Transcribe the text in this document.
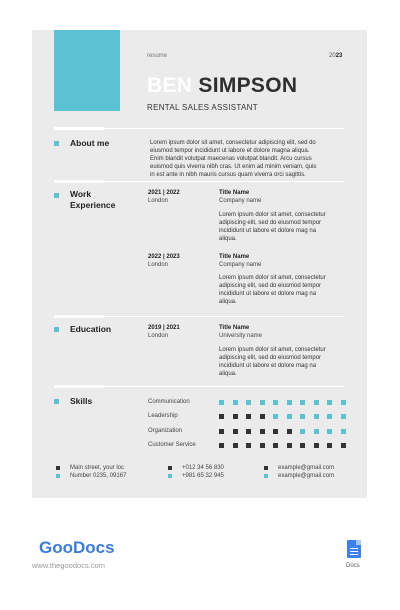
resume	2023
BEN SIMPSON
RENTAL SALES ASSISTANT
About me	Lorem ipsum dolor sit amet, consectetur adipiscing elit, sed do
eiusmod tempor incididunt ut labore et dolore magna aliqua.
Enim blandit volutpat maecenas volutpat blandit. Arcu cursus
euismod quis viverra nibh cras. Ut enim ad minim veniam, quis
in est ante in nibh mauris cursus quam viverra orci sagittis.
Work
Experience
2021 | 2022
London
Title Name
Company name
Lorem ipsum dolor sit amet, consectetur
adipiscing elit, sed do eiusmod tempor
incididunt ut labore et dolore mag na
aliqua.
2022 | 2023
London
Title Name
Company name
Lorem ipsum dolor sit amet, consectetur
adipiscing elit, sed do eiusmod tempor
incididunt ut labore et dolore mag na
aliqua.
Education	2019 | 2021
London
Title Name
University name
Lorem ipsum dolor sit amet, consectetur
adipiscing elit, sed do eiusmod tempor
incididunt ut labore et dolore mag na
aliqua.
Skills	Communication
Leadership
Organization
Customer Service
Main street, your loc
Number 0235, 09167
+012 34 56 830
+981 65 32 945
example@gmail.com
example@gmail.com
GooDocs
www.thegoodocs.com	Docs
